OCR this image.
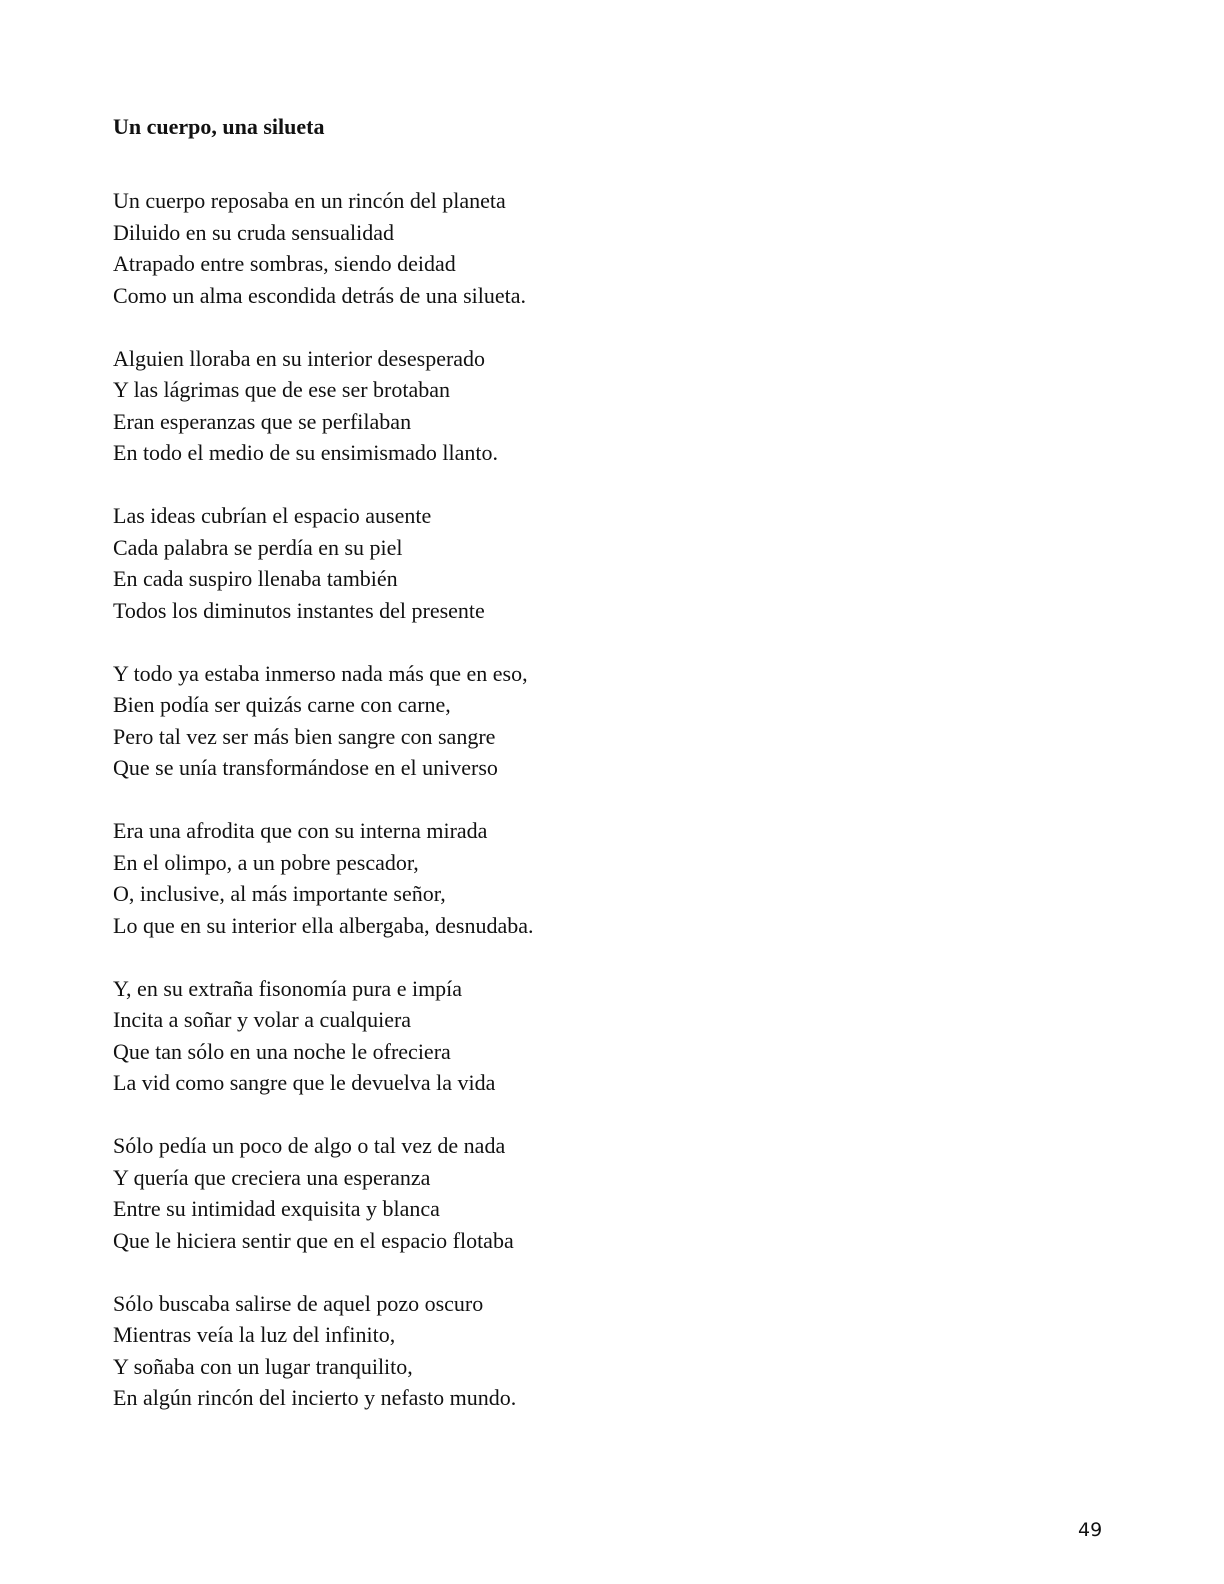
Un cuerpo, una silueta
Un cuerpo reposaba en un rincón del planeta
Diluido en su cruda sensualidad
Atrapado entre sombras, siendo deidad
Como un alma escondida detrás de una silueta.
Alguien lloraba en su interior desesperado
Y las lágrimas que de ese ser brotaban
Eran esperanzas que se perfilaban
En todo el medio de su ensimismado llanto.
Las ideas cubrían el espacio ausente
Cada palabra se perdía en su piel
En cada suspiro llenaba también
Todos los diminutos instantes del presente
Y todo ya estaba inmerso nada más que en eso,
Bien podía ser quizás carne con carne,
Pero tal vez ser más bien sangre con sangre
Que se unía transformándose en el universo
Era una afrodita que con su interna mirada
En el olimpo, a un pobre pescador,
O, inclusive, al más importante señor,
Lo que en su interior ella albergaba, desnudaba.
Y, en su extraña fisonomía pura e impía
Incita a soñar y volar a cualquiera
Que tan sólo en una noche le ofreciera
La vid como sangre que le devuelva la vida
Sólo pedía un poco de algo o tal vez de nada
Y quería que creciera una esperanza
Entre su intimidad exquisita y blanca
Que le hiciera sentir que en el espacio flotaba
Sólo buscaba salirse de aquel pozo oscuro
Mientras veía la luz del infinito,
Y soñaba con un lugar tranquilito,
En algún rincón del incierto y nefasto mundo.
49
